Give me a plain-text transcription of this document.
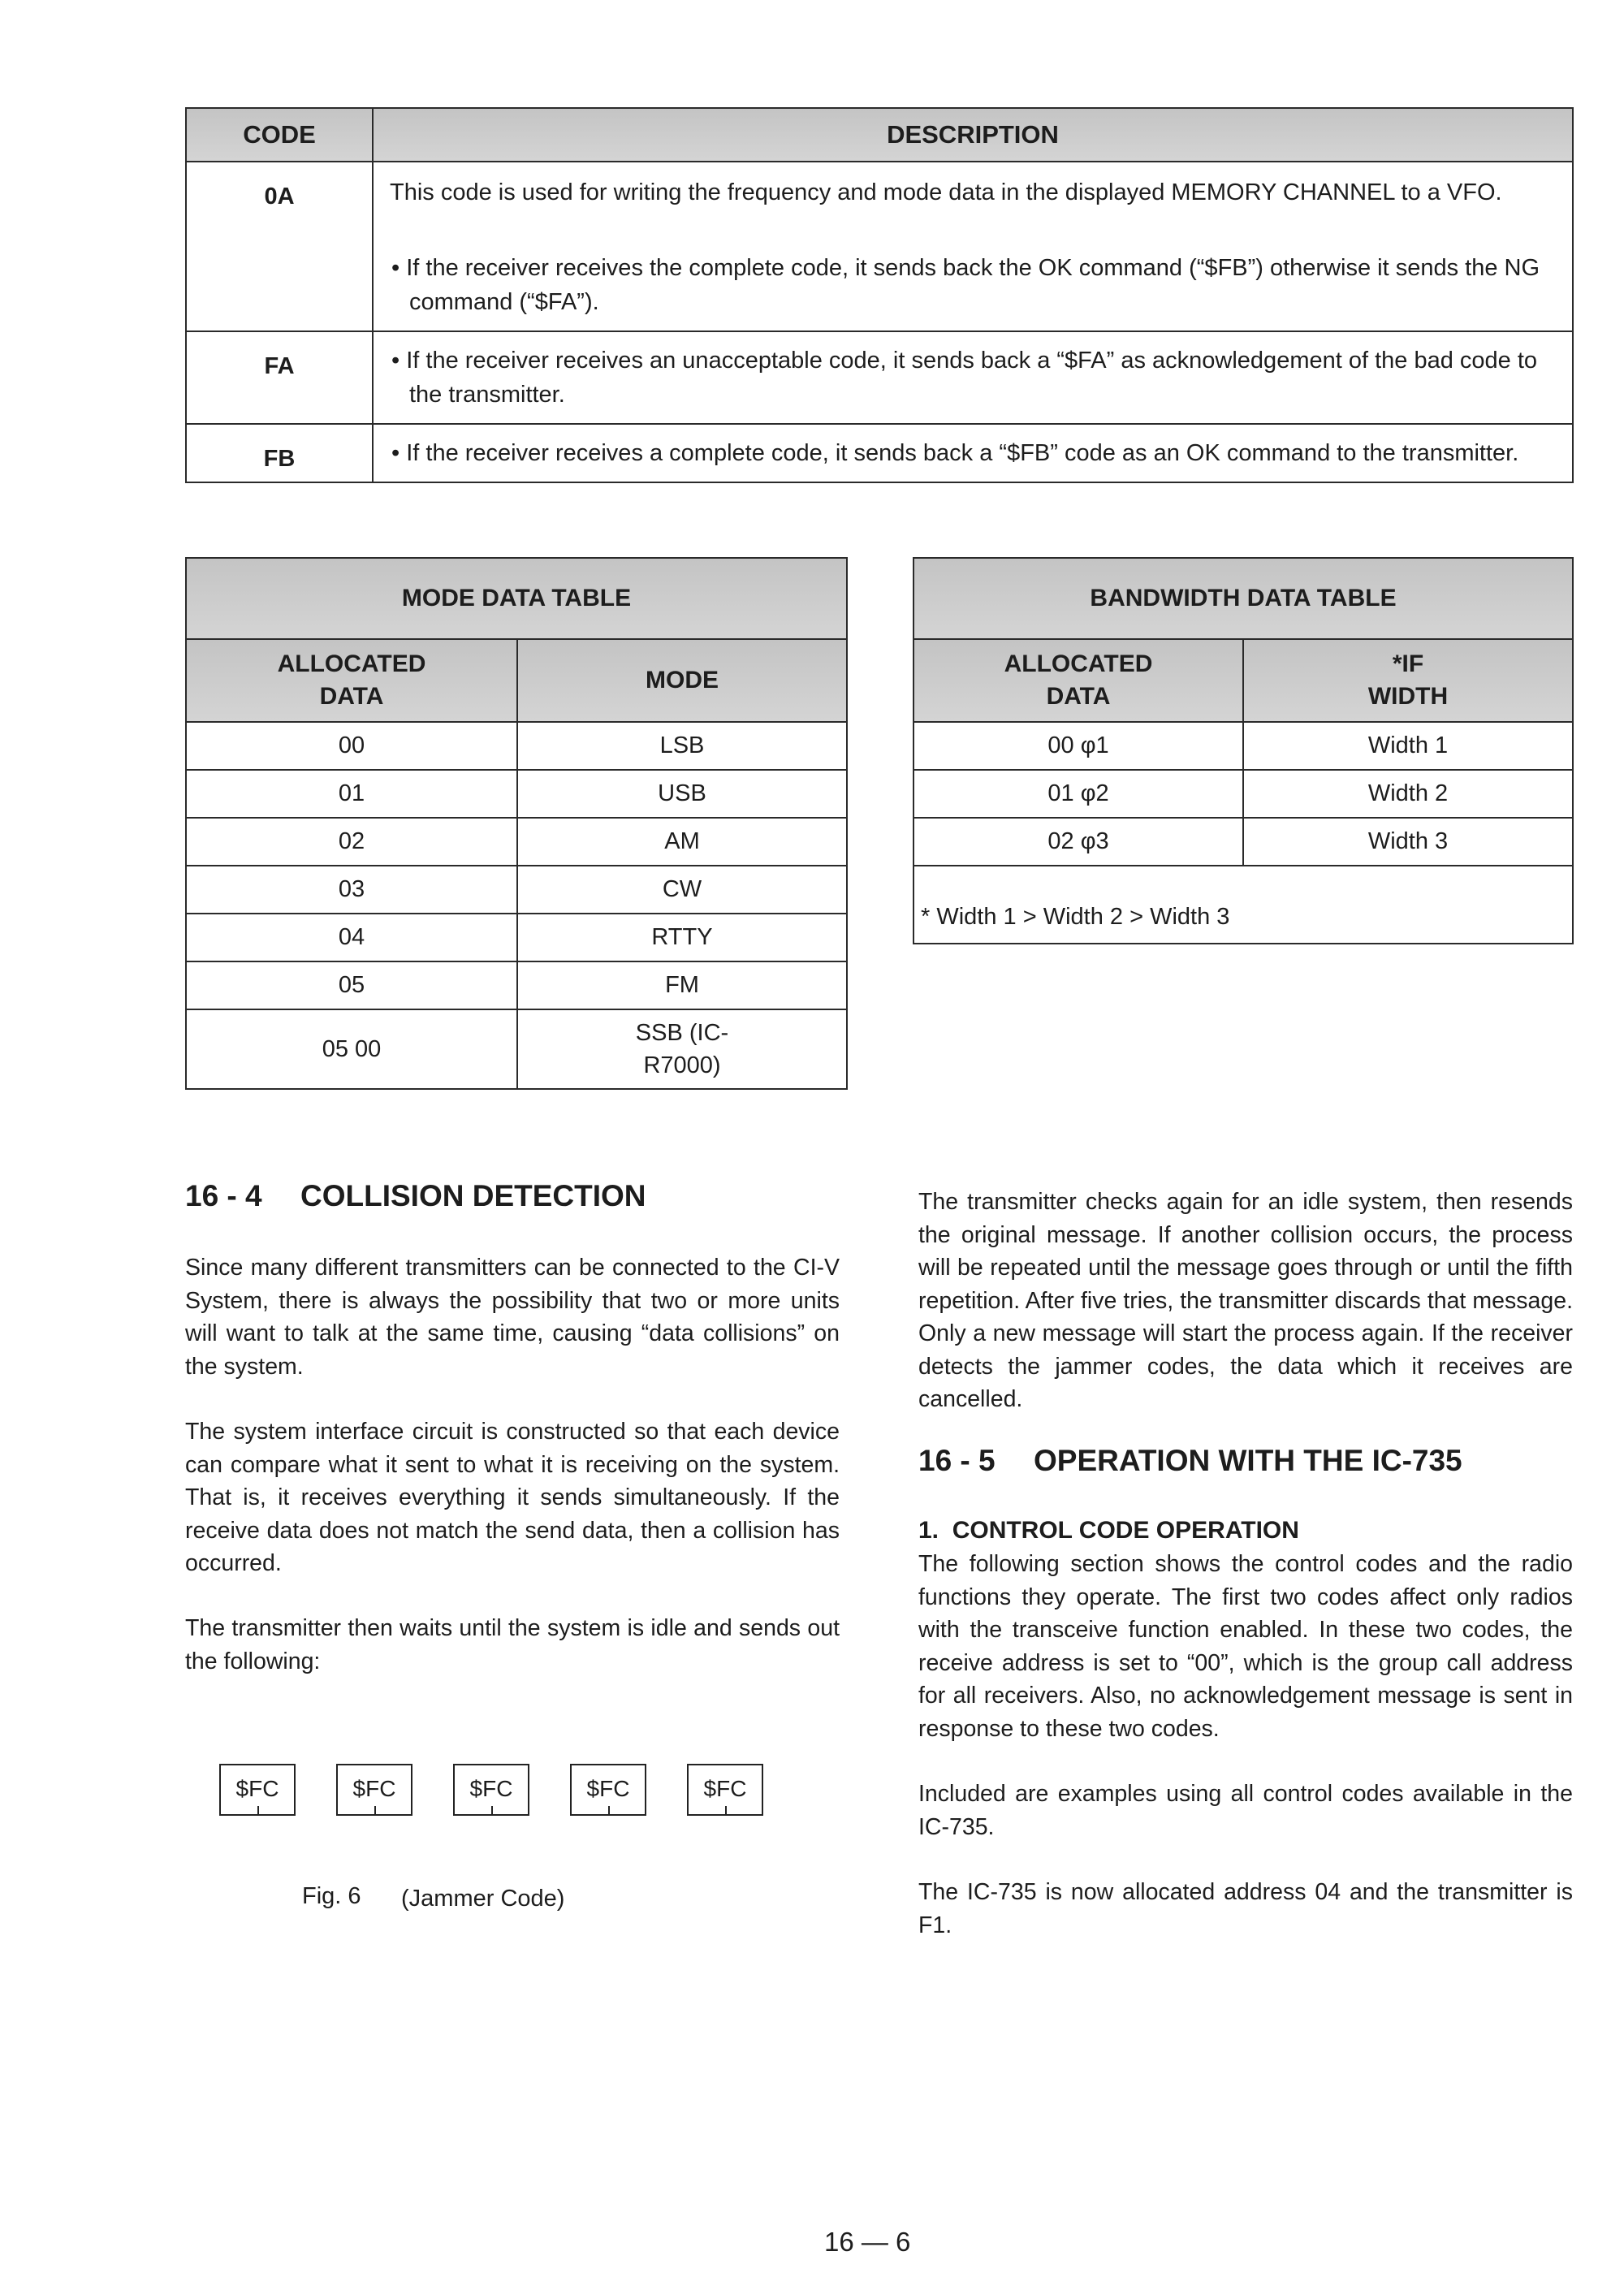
CODE	DESCRIPTION
0A	This code is used for writing the frequency and mode data in the displayed MEMORY CHANNEL to a VFO.

	• If the receiver receives the complete code, it sends back the OK command (“$FB”) otherwise it sends the NG command (“$FA”).

FA	• If the receiver receives an unacceptable code, it sends back a “$FA” as acknowledgement of the bad code to the transmitter.

FB	• If the receiver receives a complete code, it sends back a “$FB” code as an OK command to the transmitter.
MODE DATA TABLE	
ALLOCATED DATA	MODE
00	LSB
01	USB
02	AM
03	CW
04	RTTY
05	FM
05 00	SSB (IC-R7000)
BANDWIDTH DATA TABLE	
ALLOCATED DATA	*IF WIDTH
00 φ1	Width 1
01 φ2	Width 2
02 φ3	Width 3
* Width 1 > Width 2 > Width 3	
16 - 4 COLLISION DETECTION

Since many different transmitters can be connected to the CI-V System, there is always the possibility that two or more units will want to talk at the same time, causing “data collisions” on the system.

The system interface circuit is constructed so that each device can compare what it sent to what it is receiving on the system. That is, it receives everything it sends simultaneously. If the receive data does not match the send data, then a collision has occurred.

The transmitter then waits until the system is idle and sends out the following:

$FC	$FC	$FC	$FC	$FC
Fig. 6 (Jammer Code)

The transmitter checks again for an idle system, then resends the original message. If another collision occurs, the process will be repeated until the message goes through or until the fifth repetition. After five tries, the transmitter discards that message. Only a new message will start the process again. If the receiver detects the jammer codes, the data which it receives are cancelled.

16 - 5 OPERATION WITH THE IC-735
1.  CONTROL CODE OPERATION

The following section shows the control codes and the radio functions they operate. The first two codes affect only radios with the transceive function enabled. In these two codes, the receive address is set to “00”, which is the group call address for all receivers. Also, no acknowledgement message is sent in response to these two codes.

Included are examples using all control codes available in the IC-735.

The IC-735 is now allocated address 04 and the transmitter is F1.

16 — 6
